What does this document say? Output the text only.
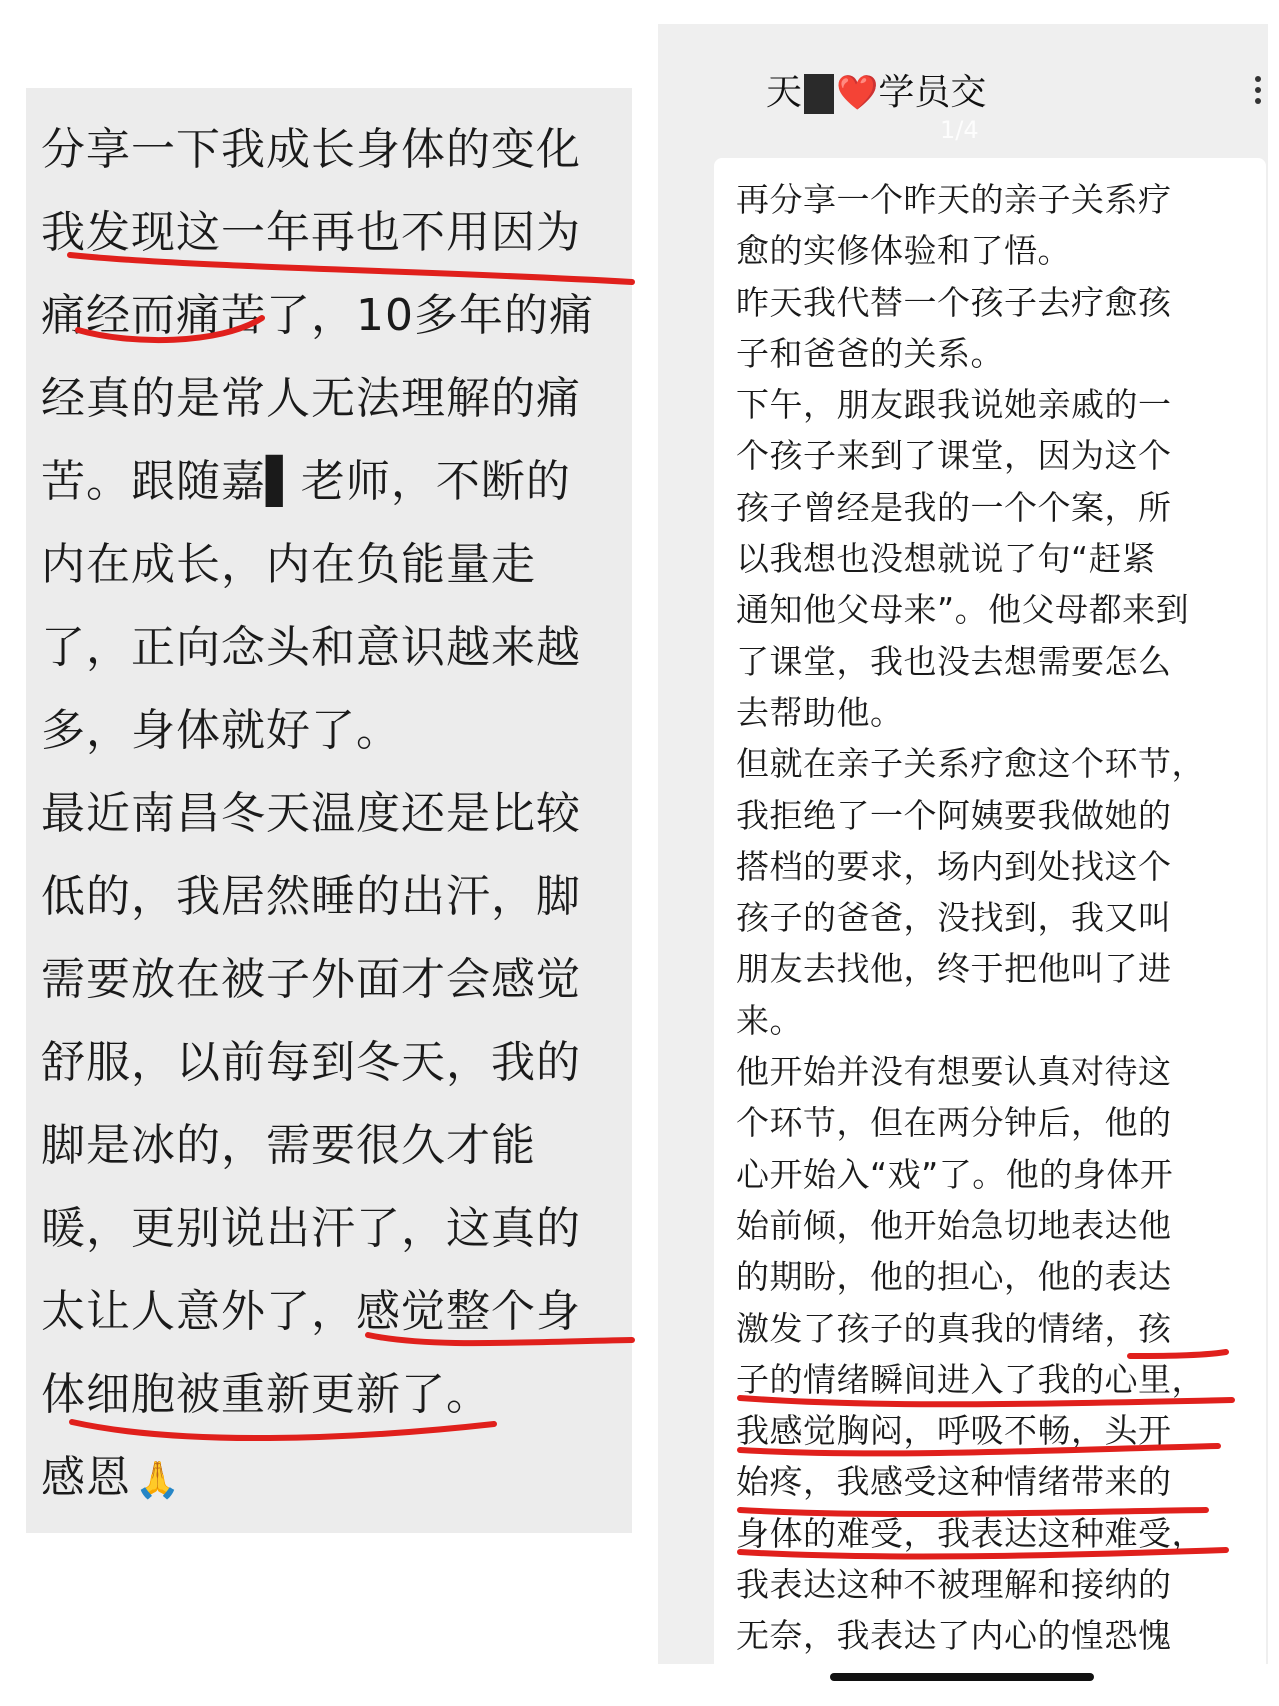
分享一下我成长身体的变化
我发现这一年再也不用因为
痛经而痛苦了，10多年的痛
经真的是常人无法理解的痛
苦。跟随嘉▌老师，不断的
内在成长，内在负能量走
了，正向念头和意识越来越
多，身体就好了。
最近南昌冬天温度还是比较
低的，我居然睡的出汗，脚
需要放在被子外面才会感觉
舒服，以前每到冬天，我的
脚是冰的，需要很久才能
暖，更别说出汗了，这真的
太让人意外了，感觉整个身
体细胞被重新更新了。
感恩 🙏
天 ❤️学员交
1/4
再分享一个昨天的亲子关系疗
愈的实修体验和了悟。
昨天我代替一个孩子去疗愈孩
子和爸爸的关系。
下午，朋友跟我说她亲戚的一
个孩子来到了课堂，因为这个
孩子曾经是我的一个个案，所
以我想也没想就说了句“赶紧
通知他父母来”。他父母都来到
了课堂，我也没去想需要怎么
去帮助他。
但就在亲子关系疗愈这个环节，
我拒绝了一个阿姨要我做她的
搭档的要求，场内到处找这个
孩子的爸爸，没找到，我又叫
朋友去找他，终于把他叫了进
来。
他开始并没有想要认真对待这
个环节，但在两分钟后，他的
心开始入“戏”了。他的身体开
始前倾，他开始急切地表达他
的期盼，他的担心，他的表达
激发了孩子的真我的情绪，孩
子的情绪瞬间进入了我的心里，
我感觉胸闷，呼吸不畅，头开
始疼，我感受这种情绪带来的
身体的难受，我表达这种难受，
我表达这种不被理解和接纳的
无奈，我表达了内心的惶恐愧
